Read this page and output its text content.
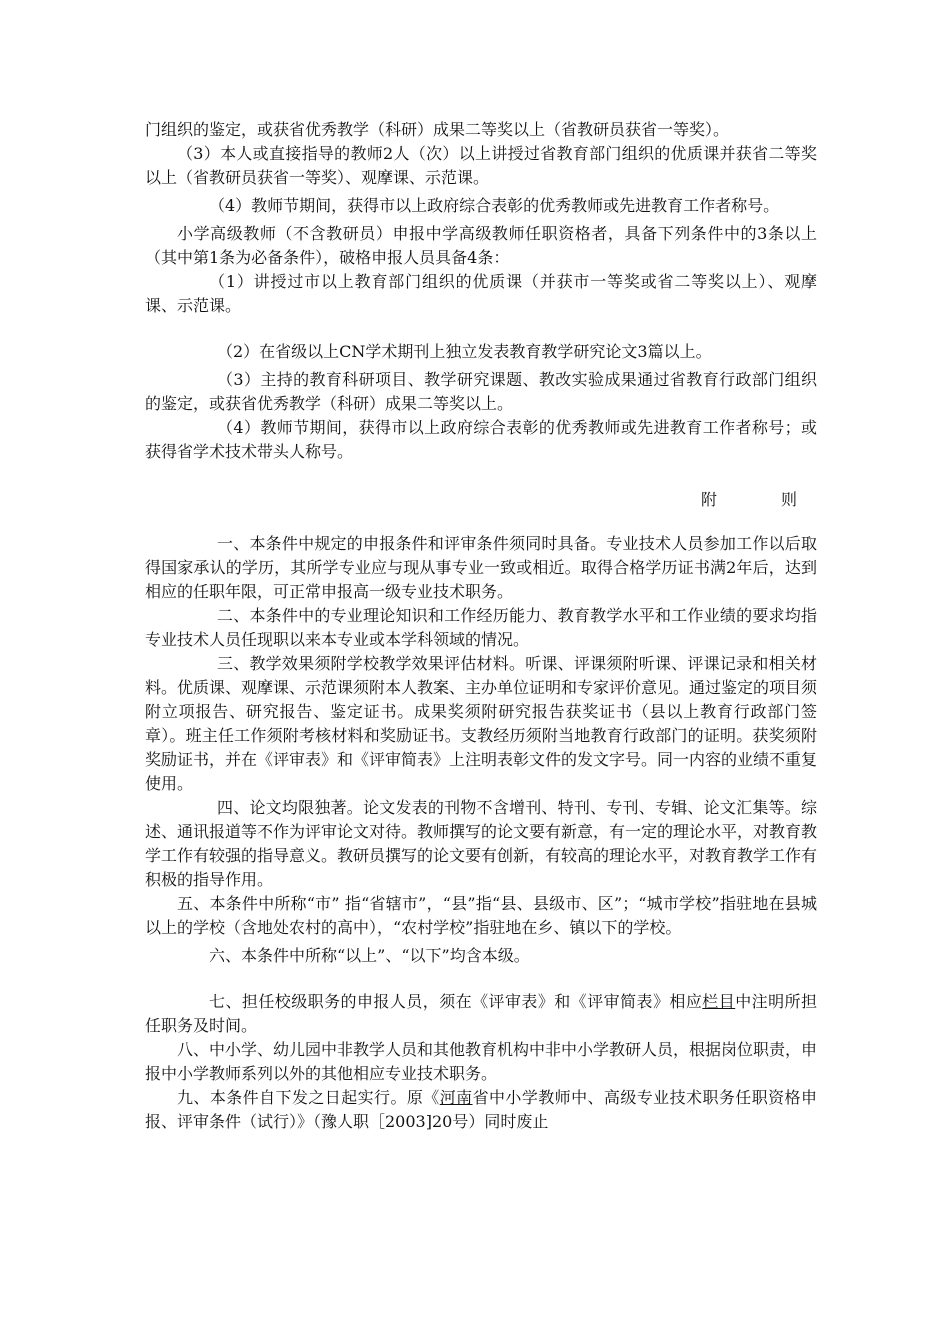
门组织的鉴定，或获省优秀教学（科研）成果二等奖以上（省教研员获省一等奖）。

（3）本人或直接指导的教师2人（次）以上讲授过省教育部门组织的优质课并获省二等奖以上（省教研员获省一等奖）、观摩课、示范课。

（4）教师节期间，获得市以上政府综合表彰的优秀教师或先进教育工作者称号。

小学高级教师（不含教研员）申报中学高级教师任职资格者，具备下列条件中的3条以上（其中第1条为必备条件），破格申报人员具备4条：

（1）讲授过市以上教育部门组织的优质课（并获市一等奖或省二等奖以上）、观摩课、示范课。

（2）在省级以上CN学术期刊上独立发表教育教学研究论文3篇以上。

（3）主持的教育科研项目、教学研究课题、教改实验成果通过省教育行政部门组织的鉴定，或获省优秀教学（科研）成果二等奖以上。

（4）教师节期间，获得市以上政府综合表彰的优秀教师或先进教育工作者称号；或获得省学术技术带头人称号。

附	则

一、本条件中规定的申报条件和评审条件须同时具备。专业技术人员参加工作以后取得国家承认的学历，其所学专业应与现从事专业一致或相近。取得合格学历证书满2年后，达到相应的任职年限，可正常申报高一级专业技术职务。

二、本条件中的专业理论知识和工作经历能力、教育教学水平和工作业绩的要求均指专业技术人员任现职以来本专业或本学科领域的情况。

三、教学效果须附学校教学效果评估材料。听课、评课须附听课、评课记录和相关材料。优质课、观摩课、示范课须附本人教案、主办单位证明和专家评价意见。通过鉴定的项目须附立项报告、研究报告、鉴定证书。成果奖须附研究报告获奖证书（县以上教育行政部门签章）。班主任工作须附考核材料和奖励证书。支教经历须附当地教育行政部门的证明。获奖须附奖励证书，并在《评审表》和《评审简表》上注明表彰文件的发文字号。同一内容的业绩不重复使用。

四、论文均限独著。论文发表的刊物不含增刊、特刊、专刊、专辑、论文汇集等。综述、通讯报道等不作为评审论文对待。教师撰写的论文要有新意，有一定的理论水平，对教育教学工作有较强的指导意义。教研员撰写的论文要有创新，有较高的理论水平，对教育教学工作有积极的指导作用。

五、本条件中所称“市” 指“省辖市”，“县”指“县、县级市、区”；“城市学校”指驻地在县城以上的学校（含地处农村的高中），“农村学校”指驻地在乡、镇以下的学校。

六、本条件中所称“以上”、“以下”均含本级。

七、担任校级职务的申报人员，须在《评审表》和《评审简表》相应栏目中注明所担任职务及时间。

八、中小学、幼儿园中非教学人员和其他教育机构中非中小学教研人员，根据岗位职责，申报中小学教师系列以外的其他相应专业技术职务。

九、本条件自下发之日起实行。原《河南省中小学教师中、高级专业技术职务任职资格申报、评审条件（试行）》（豫人职［2003]20号）同时废止
